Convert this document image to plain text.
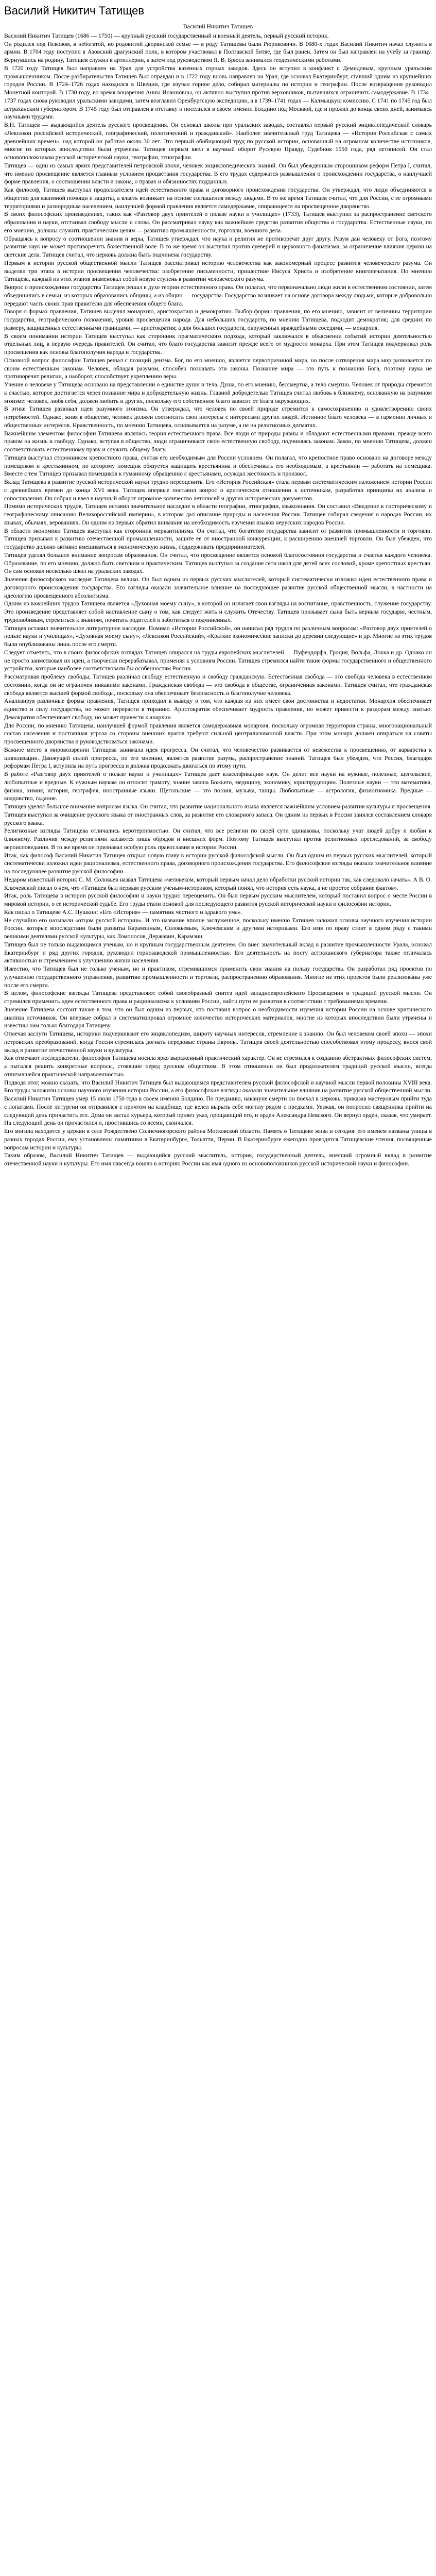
Василий Никитич Татищев
Василий Никитич Татищев

Василий Никитич Татищев (1686 — 1750) — крупный русский государственный и военный деятель, первый русский историк.

Он родился под Псковом, в небогатой, но родовитой дворянской семье — в роду Татищевы были Рюриковичи. В 1680-х годах Василий Никитич начал служить в армии. В 1704 году поступил в Азовский драгунский полк, в котором участвовал в Полтавской битве, где был ранен. Затем он был направлен на учебу за границу. Вернувшись на родину, Татищев служил в артиллерии, а затем под руководством Я. В. Брюса занимался геодезическими работами.

В 1720 году Татищев был направлен на Урал для устройства казенных горных заводов. Здесь он вступил в конфликт с Демидовым, крупным уральским промышленником. После разбирательства Татищев был оправдан и в 1722 году вновь направлен на Урал, где основал Екатеринбург, ставший одним из крупнейших городов России. В 1724–1726 годах находился в Швеции, где изучал горное дело, собирал материалы по истории и географии. После возвращения руководил Монетной конторой. В 1730 году, во время воцарения Анны Иоанновны, он активно выступил против верховников, пытавшихся ограничить самодержавие. В 1734–1737 годах снова руководил уральскими заводами, затем возглавил Оренбургскую экспедицию, а в 1739–1741 годах — Калмыцкую комиссию. С 1741 по 1745 год был астраханским губернатором. В 1745 году был отправлен в отставку и поселился в своем имении Болдино под Москвой, где и прожил до конца своих дней, занимаясь научными трудами.

В.Н. Татищев — выдающийся деятель русского просвещения. Он основал школы при уральских заводах, составлял первый русский энциклопедический словарь «Лексикон российской исторический, географический, политический и гражданский». Наиболее значительный труд Татищева — «История Российская с самых древнейших времен», над которой он работал около 30 лет. Это первый обобщающий труд по русской истории, основанный на огромном количестве источников, многие из которых впоследствии были утрачены. Татищев первым ввел в научный оборот Русскую Правду, Судебник 1550 года, ряд летописей. Он стал основоположником русской исторической науки, географии, этнографии.

Татищев — один из самых ярких представителей петровской эпохи, человек энциклопедических знаний. Он был убежденным сторонником реформ Петра I, считал, что именно просвещение является главным условием процветания государства. В его трудах содержатся размышления о происхождении государства, о наилучшей форме правления, о соотношении власти и закона, о правах и обязанностях подданных.

Как философ, Татищев выступал продолжателем идей естественного права и договорного происхождения государства. Он утверждал, что люди объединяются в общество для взаимной помощи и защиты, а власть возникает на основе соглашения между людьми. В то же время Татищев считал, что для России, с ее огромными территориями и разнородным населением, наилучшей формой правления является самодержавие, опирающееся на просвещенное дворянство.

В своих философских произведениях, таких как «Разговор двух приятелей о пользе науки и училищах» (1733), Татищев выступил за распространение светского образования и науки, отстаивал свободу мысли и слова. Он рассматривал науку как важнейшее средство развития общества и государства. Естественные науки, по его мнению, должны служить практическим целям — развитию промышленности, торговли, военного дела.

Обращаясь к вопросу о соотношении знания и веры, Татищев утверждал, что наука и религия не противоречат друг другу. Разум дан человеку от Бога, поэтому развитие наук не может противоречить божественной воле. В то же время он выступал против суеверий и церковного фанатизма, за ограничение влияния церкви на светские дела. Татищев считал, что церковь должна быть подчинена государству.

Первым в истории русской общественной мысли Татищев рассматривал историю человечества как закономерный процесс развития человеческого разума. Он выделял три этапа в истории просвещения человечества: изобретение письменности, пришествие Иисуса Христа и изобретение книгопечатания. По мнению Татищева, каждый из этих этапов знаменовал собой новую ступень в развитии человеческого разума.

Вопрос о происхождении государства Татищев решал в духе теории естественного права. Он полагал, что первоначально люди жили в естественном состоянии, затем объединились в семьи, из которых образовались общины, а из общин — государства. Государство возникает на основе договора между людьми, которые добровольно передают часть своих прав правителю для обеспечения общего блага.

Говоря о формах правления, Татищев выделял монархию, аристократию и демократию. Выбор формы правления, по его мнению, зависит от величины территории государства, географического положения, уровня просвещения народа. Для небольших государств, по мнению Татищева, подходит демократия; для средних по размеру, защищенных естественными границами, — аристократия; а для больших государств, окруженных враждебными соседями, — монархия.

В своем понимании истории Татищев выступал как сторонник прагматического подхода, который заключался в объяснении событий истории деятельностью отдельных лиц, в первую очередь правителей. Он считал, что благо государства зависит прежде всего от мудрости монарха. При этом Татищев подчеркивал роль просвещения как основы благополучия народа и государства.

Основной вопрос философии Татищев решал с позиций деизма. Бог, по его мнению, является первопричиной мира, но после сотворения мира мир развивается по своим естественным законам. Человек, обладая разумом, способен познавать эти законы. Познание мира — это путь к познанию Бога, поэтому наука не противоречит религии, а наоборот, способствует укреплению веры.

Учение о человеке у Татищева основано на представлении о единстве души и тела. Душа, по его мнению, бессмертна, а тело смертно. Человек от природы стремится к счастью, которое достигается через познание мира и добродетельную жизнь. Главной добродетелью Татищев считал любовь к ближнему, основанную на разумном эгоизме: человек, любя себя, должен любить и других, поскольку его собственное благо зависит от блага окружающих.

В этике Татищев развивал идеи разумного эгоизма. Он утверждал, что человек по своей природе стремится к самосохранению и удовлетворению своих потребностей. Однако, живя в обществе, человек должен соотносить свои интересы с интересами других людей. Истинное благо человека — в гармонии личных и общественных интересов. Нравственность, по мнению Татищева, основывается на разуме, а не на религиозных догматах.

Важнейшим элементом философии Татищева являлась теория естественного права. Все люди от природы равны и обладают естественными правами, прежде всего правом на жизнь и свободу. Однако, вступая в общество, люди ограничивают свою естественную свободу, подчиняясь законам. Закон, по мнению Татищева, должен соответствовать естественному праву и служить общему благу.

Татищев выступал сторонником крепостного права, считая его необходимым для России условием. Он полагал, что крепостное право основано на договоре между помещиком и крестьянином, по которому помещик обязуется защищать крестьянина и обеспечивать его необходимым, а крестьянин — работать на помещика. Вместе с тем Татищев призывал помещиков к гуманному обращению с крестьянами, осуждал жестокость и произвол.

Вклад Татищева в развитие русской исторической науки трудно переоценить. Его «История Российская» стала первым систематическим изложением истории России с древнейших времен до конца XVI века. Татищев впервые поставил вопрос о критическом отношении к источникам, разработал принципы их анализа и сопоставления. Он собрал и ввел в научный оборот огромное количество летописей и других исторических документов.

Помимо исторических трудов, Татищев оставил значительное наследие в области географии, этнографии, языкознания. Он составил «Введение к гисторическому и географическому описанию Великороссийской империи», в котором дал описание природы и населения России. Татищев собирал сведения о народах России, их языках, обычаях, верованиях. Он одним из первых обратил внимание на необходимость изучения языков нерусских народов России.

В области экономики Татищев выступал как сторонник меркантилизма. Он считал, что богатство государства зависит от развития промышленности и торговли. Татищев призывал к развитию отечественной промышленности, защите ее от иностранной конкуренции, к расширению внешней торговли. Он был убежден, что государство должно активно вмешиваться в экономическую жизнь, поддерживать предпринимателей.

Татищев уделял большое внимание вопросам образования. Он считал, что просвещение является основой благосостояния государства и счастья каждого человека. Образование, по его мнению, должно быть светским и практическим. Татищев выступал за создание сети школ для детей всех сословий, кроме крепостных крестьян. Он сам основал несколько школ на уральских заводах.

Значение философского наследия Татищева велико. Он был одним из первых русских мыслителей, который систематически изложил идеи естественного права и договорного происхождения государства. Его взгляды оказали значительное влияние на последующее развитие русской общественной мысли, в частности на идеологию просвещенного абсолютизма.

Одним из важнейших трудов Татищева является «Духовная моему сыну», в которой он излагает свои взгляды на воспитание, нравственность, служение государству. Это произведение представляет собой наставление сыну о том, как следует жить и служить Отечеству. Татищев призывает сына быть верным государю, честным, трудолюбивым, стремиться к знаниям, почитать родителей и заботиться о подчиненных.

Татищев оставил значительное литературное наследие. Помимо «Истории Российской», он написал ряд трудов по различным вопросам: «Разговор двух приятелей о пользе науки и училищах», «Духовная моему сыну», «Лексикон Российский», «Краткие экономические записки до деревни следующие» и др. Многие из этих трудов были опубликованы лишь после его смерти.

Следует отметить, что в своих философских взглядах Татищев опирался на труды европейских мыслителей — Пуфендорфа, Гроция, Вольфа, Локка и др. Однако он не просто заимствовал их идеи, а творчески перерабатывал, применяя к условиям России. Татищев стремился найти такие формы государственного и общественного устройства, которые наиболее соответствовали бы особенностям России.

Рассматривая проблему свободы, Татищев различал свободу естественную и свободу гражданскую. Естественная свобода — это свобода человека в естественном состоянии, когда он не ограничен никакими законами. Гражданская свобода — это свобода в обществе, ограниченная законами. Татищев считал, что гражданская свобода является высшей формой свободы, поскольку она обеспечивает безопасность и благополучие человека.

Анализируя различные формы правления, Татищев приходил к выводу о том, что каждая из них имеет свои достоинства и недостатки. Монархия обеспечивает единство и силу государства, но может перерасти в тиранию. Аристократия обеспечивает мудрость правления, но может привести к раздорам между знатью. Демократия обеспечивает свободу, но может привести к анархии.

Для России, по мнению Татищева, наилучшей формой правления является самодержавная монархия, поскольку огромная территория страны, многонациональный состав населения и постоянная угроза со стороны внешних врагов требуют сильной централизованной власти. При этом монарх должен опираться на советы просвещенного дворянства и руководствоваться законами.

Важное место в мировоззрении Татищева занимала идея прогресса. Он считал, что человечество развивается от невежества к просвещению, от варварства к цивилизации. Движущей силой прогресса, по его мнению, является развитие разума, распространение знаний. Татищев был убежден, что Россия, благодаря реформам Петра I, вступила на путь прогресса и должна продолжать двигаться по этому пути.

В работе «Разговор двух приятелей о пользе науки и училищах» Татищев дает классификацию наук. Он делит все науки на нужные, полезные, щегольские, любопытные и вредные. К нужным наукам он относит грамоту, знание закона Божьего, медицину, экономику, юриспруденцию. Полезные науки — это математика, физика, химия, история, география, иностранные языки. Щегольские — это поэзия, музыка, танцы. Любопытные — астрология, физиогномика. Вредные — колдовство, гадание.

Татищев уделял большое внимание вопросам языка. Он считал, что развитие национального языка является важнейшим условием развития культуры и просвещения. Татищев выступал за очищение русского языка от иностранных слов, за развитие его словарного запаса. Он одним из первых в России занялся составлением словаря русского языка.

Религиозные взгляды Татищева отличались веротерпимостью. Он считал, что все религии по своей сути одинаковы, поскольку учат людей добру и любви к ближнему. Различия между религиями касаются лишь обрядов и внешних форм. Поэтому Татищев выступал против религиозных преследований, за свободу вероисповедания. В то же время он признавал особую роль православия в истории России.

Итак, как философ Василий Никитич Татищев открыл новую главу в истории русской философской мысли. Он был одним из первых русских мыслителей, который систематически изложил идеи рационализма, естественного права, договорного происхождения государства. Его философские взгляды оказали значительное влияние на последующее развитие русской философии.

Недаром известный историк С. М. Соловьев назвал Татищева «человеком, который первым начал дело обработки русской истории так, как следовало начать». А В. О. Ключевский писал о нем, что «Татищев был первым русским ученым-историком, который понял, что история есть наука, а не простое собрание фактов».

Итак, роль Татищева в истории русской философии и науки трудно переоценить. Он был первым русским мыслителем, который поставил вопрос о месте России в мировой истории, о ее исторической судьбе. Его труды стали основой для последующего развития русской исторической науки и философии истории.

Как писал о Татищеве А.С. Пушкин: «Его «История» — памятник честного и здравого ума».

Не случайно его называли «отцом русской истории». И это название вполне заслуженное, поскольку именно Татищев заложил основы научного изучения истории России, которые впоследствии были развиты Карамзиным, Соловьевым, Ключевским и другими историками. Его имя по праву стоит в одном ряду с такими великими деятелями русской культуры, как Ломоносов, Державин, Карамзин.

Татищев был не только выдающимся ученым, но и крупным государственным деятелем. Он внес значительный вклад в развитие промышленности Урала, основал Екатеринбург и ряд других городов, руководил горнозаводской промышленностью. Его деятельность на посту астраханского губернатора также отличалась активностью и стремлением к улучшению жизни населения.

Известно, что Татищев был не только ученым, но и практиком, стремившимся применить свои знания на пользу государства. Он разработал ряд проектов по улучшению государственного управления, развитию промышленности и торговли, распространению образования. Многие из этих проектов были реализованы уже после его смерти.

В целом, философские взгляды Татищева представляют собой своеобразный синтез идей западноевропейского Просвещения и традиций русской мысли. Он стремился применить идеи естественного права и рационализма к условиям России, найти пути ее развития в соответствии с требованиями времени.

Значение Татищева состоит также в том, что он был одним из первых, кто поставил вопрос о необходимости изучения истории России на основе критического анализа источников. Он впервые собрал и систематизировал огромное количество исторических материалов, многие из которых впоследствии были утрачены и известны нам только благодаря Татищеву.

Отмечая заслуги Татищева, историки подчеркивают его энциклопедизм, широту научных интересов, стремление к знанию. Он был человеком своей эпохи — эпохи петровских преобразований, когда Россия стремилась догнать передовые страны Европы. Татищев своей деятельностью способствовал этому процессу, внося свой вклад в развитие отечественной науки и культуры.

Как отмечают исследователи, философия Татищева носила ярко выраженный практический характер. Он не стремился к созданию абстрактных философских систем, а пытался решить конкретные вопросы, стоявшие перед русским обществом. В этом отношении он был продолжателем традиций русской мысли, всегда отличавшейся практической направленностью.

Подводя итог, можно сказать, что Василий Никитич Татищев был выдающимся представителем русской философской и научной мысли первой половины XVIII века. Его труды заложили основы научного изучения истории России, а его философские взгляды оказали значительное влияние на развитие русской общественной мысли.

Василий Никитич Татищев умер 15 июля 1750 года в своем имении Болдино. По преданию, накануне смерти он поехал в церковь, приказав мастеровым прийти туда с лопатами. После литургии он отправился с причтом на кладбище, где велел вырыть себе могилу рядом с предками. Уезжая, он попросил священника прийти на следующий день причастить его. Дома он застал курьера, который привез указ, прощающий его, и орден Александра Невского. Он вернул орден, сказав, что умирает. На следующий день он причастился и, простившись со всеми, скончался.

Его могила находится у церкви в селе Рождествено Солнечногорского района Московской области. Память о Татищеве жива и сегодня: его именем названы улицы в разных городах России, ему установлены памятники в Екатеринбурге, Тольятти, Перми. В Екатеринбурге ежегодно проводятся Татищевские чтения, посвященные вопросам истории и культуры.

Таким образом, Василий Никитич Татищев — выдающийся русский мыслитель, историк, государственный деятель, внесший огромный вклад в развитие отечественной науки и культуры. Его имя навсегда вошло в историю России как имя одного из основоположников русской исторической науки и философии.
